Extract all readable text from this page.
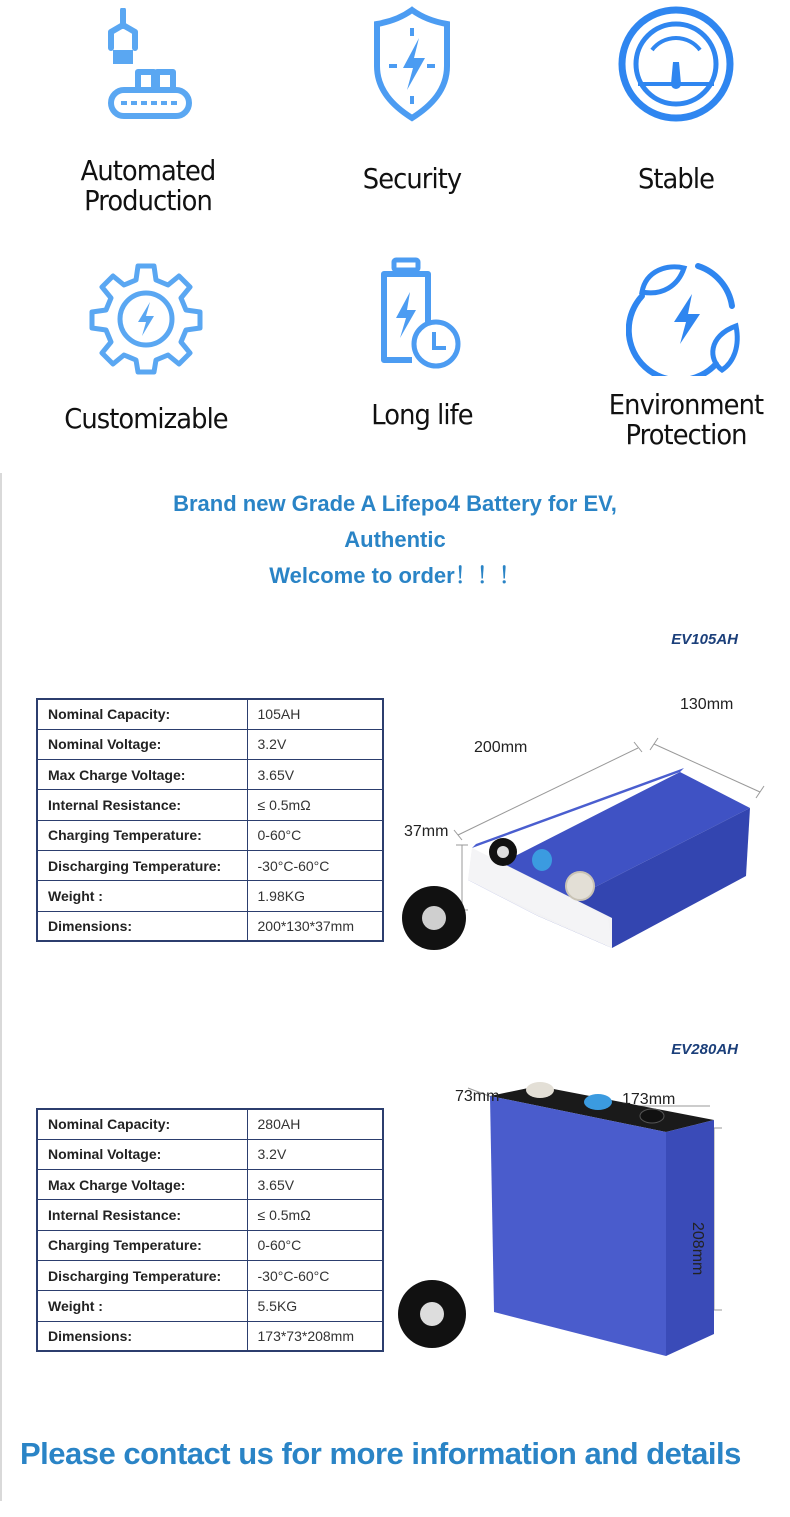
Automated
Production
Security	Stable
Customizable	Long life	Environment
Protection
Brand new Grade A Lifepo4 Battery for EV,
Authentic
Welcome to order！！！
EV105AH
Nominal Capacity:	105AH
Nominal Voltage:	3.2V
Max Charge Voltage:	3.65V
Internal Resistance:	≤ 0.5mΩ
Charging Temperature:	0-60°C
Discharging Temperature:	-30°C-60°C
Weight :	1.98KG
Dimensions:	200*130*37mm
200mm
130mm
37mm
EV280AH
Nominal Capacity:	280AH
Nominal Voltage:	3.2V
Max Charge Voltage:	3.65V
Internal Resistance:	≤ 0.5mΩ
Charging Temperature:	0-60°C
Discharging Temperature:	-30°C-60°C
Weight :	5.5KG
Dimensions:	173*73*208mm
73mm	173mm
208mm
Please contact us for more information and details
